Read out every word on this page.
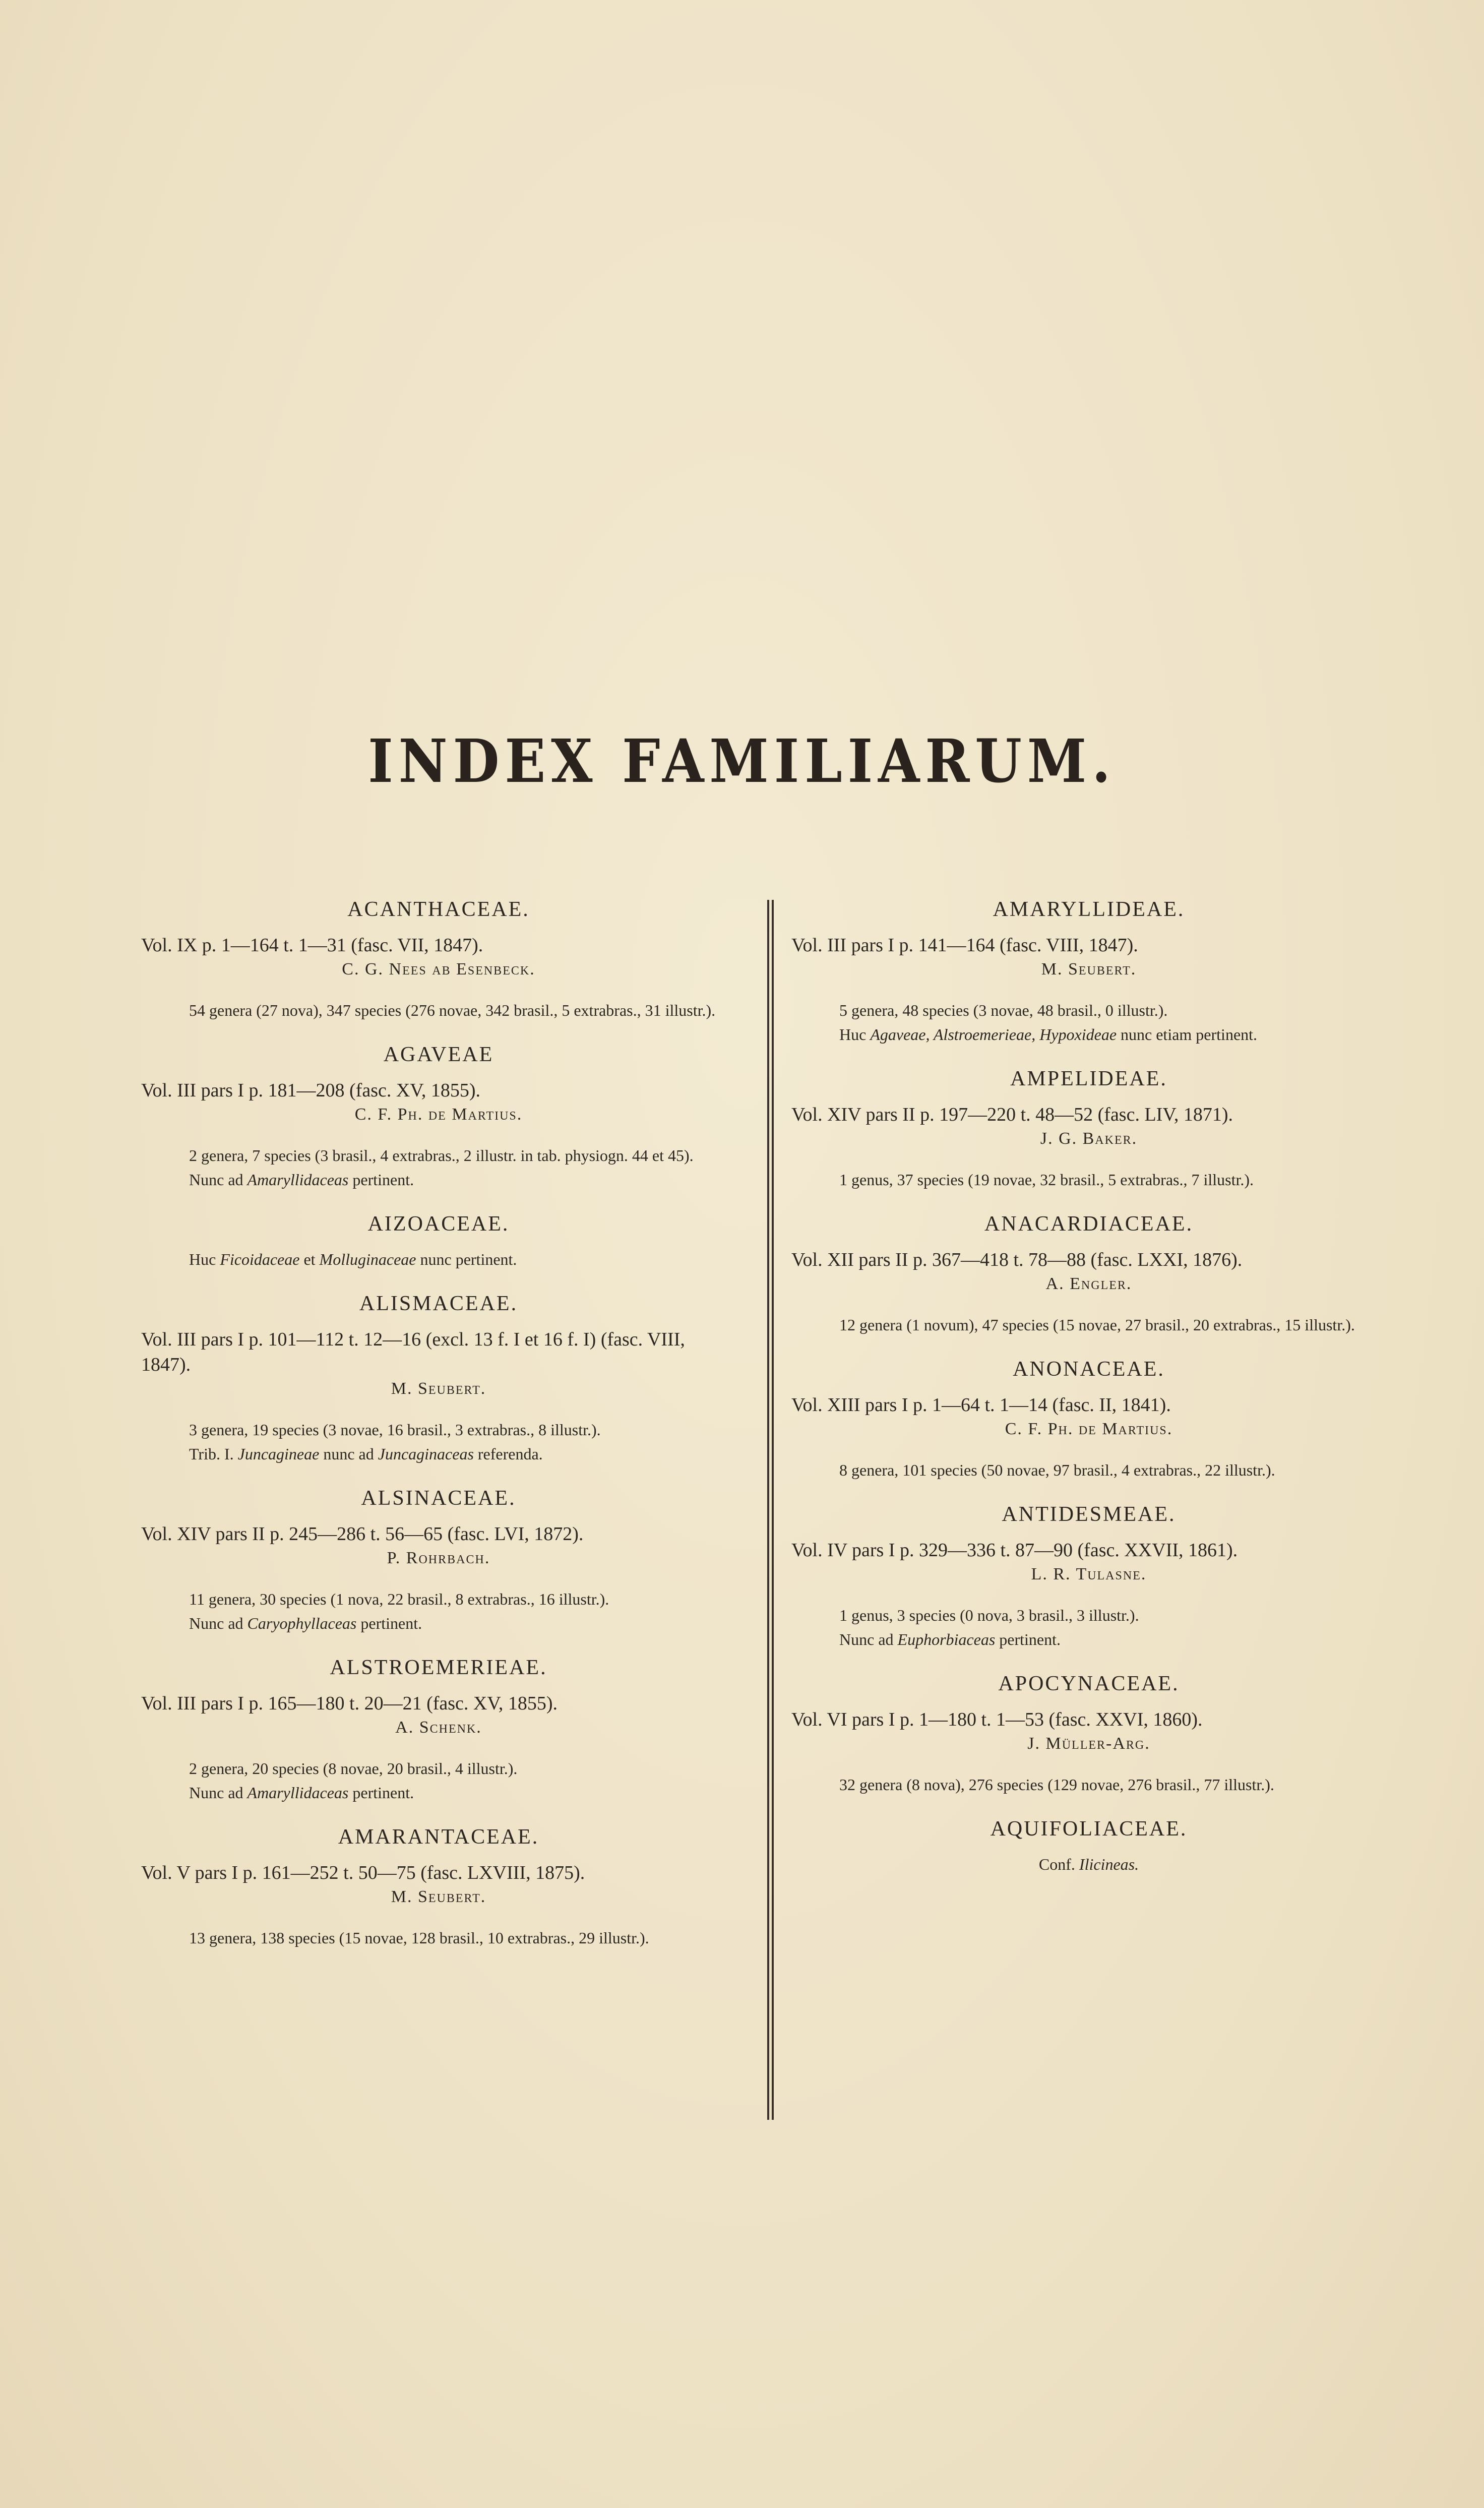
INDEX FAMILIARUM.

ACANTHACEAE.

Vol. IX p. 1—164 t. 1—31 (fasc. VII, 1847).

C. G. Nees ab Esenbeck.

54 genera (27 nova), 347 species (276 novae, 342 brasil., 5 extrabras., 31 illustr.).

AGAVEAE

Vol. III pars I p. 181—208 (fasc. XV, 1855).

C. F. Ph. de Martius.

2 genera, 7 species (3 brasil., 4 extrabras., 2 illustr. in tab. physiogn. 44 et 45).

Nunc ad Amaryllidaceas pertinent.

AIZOACEAE.

Huc Ficoidaceae et Molluginaceae nunc pertinent.

ALISMACEAE.

Vol. III pars I p. 101—112 t. 12—16 (excl. 13 f. I et 16 f. I) (fasc. VIII, 1847).

M. Seubert.

3 genera, 19 species (3 novae, 16 brasil., 3 extrabras., 8 illustr.).

Trib. I. Juncagineae nunc ad Juncaginaceas referenda.

ALSINACEAE.

Vol. XIV pars II p. 245—286 t. 56—65 (fasc. LVI, 1872).

P. Rohrbach.

11 genera, 30 species (1 nova, 22 brasil., 8 extrabras., 16 illustr.).

Nunc ad Caryophyllaceas pertinent.

ALSTROEMERIEAE.

Vol. III pars I p. 165—180 t. 20—21 (fasc. XV, 1855).

A. Schenk.

2 genera, 20 species (8 novae, 20 brasil., 4 illustr.).

Nunc ad Amaryllidaceas pertinent.

AMARANTACEAE.

Vol. V pars I p. 161—252 t. 50—75 (fasc. LXVIII, 1875).

M. Seubert.

13 genera, 138 species (15 novae, 128 brasil., 10 extrabras., 29 illustr.).

AMARYLLIDEAE.

Vol. III pars I p. 141—164 (fasc. VIII, 1847).

M. Seubert.

5 genera, 48 species (3 novae, 48 brasil., 0 illustr.).

Huc Agaveae, Alstroemerieae, Hypoxideae nunc etiam pertinent.

AMPELIDEAE.

Vol. XIV pars II p. 197—220 t. 48—52 (fasc. LIV, 1871).

J. G. Baker.

1 genus, 37 species (19 novae, 32 brasil., 5 extrabras., 7 illustr.).

ANACARDIACEAE.

Vol. XII pars II p. 367—418 t. 78—88 (fasc. LXXI, 1876).

A. Engler.

12 genera (1 novum), 47 species (15 novae, 27 brasil., 20 extrabras., 15 illustr.).

ANONACEAE.

Vol. XIII pars I p. 1—64 t. 1—14 (fasc. II, 1841).

C. F. Ph. de Martius.

8 genera, 101 species (50 novae, 97 brasil., 4 extrabras., 22 illustr.).

ANTIDESMEAE.

Vol. IV pars I p. 329—336 t. 87—90 (fasc. XXVII, 1861).

L. R. Tulasne.

1 genus, 3 species (0 nova, 3 brasil., 3 illustr.).

Nunc ad Euphorbiaceas pertinent.

APOCYNACEAE.

Vol. VI pars I p. 1—180 t. 1—53 (fasc. XXVI, 1860).

J. Müller-Arg.

32 genera (8 nova), 276 species (129 novae, 276 brasil., 77 illustr.).

AQUIFOLIACEAE.

Conf. Ilicineas.
